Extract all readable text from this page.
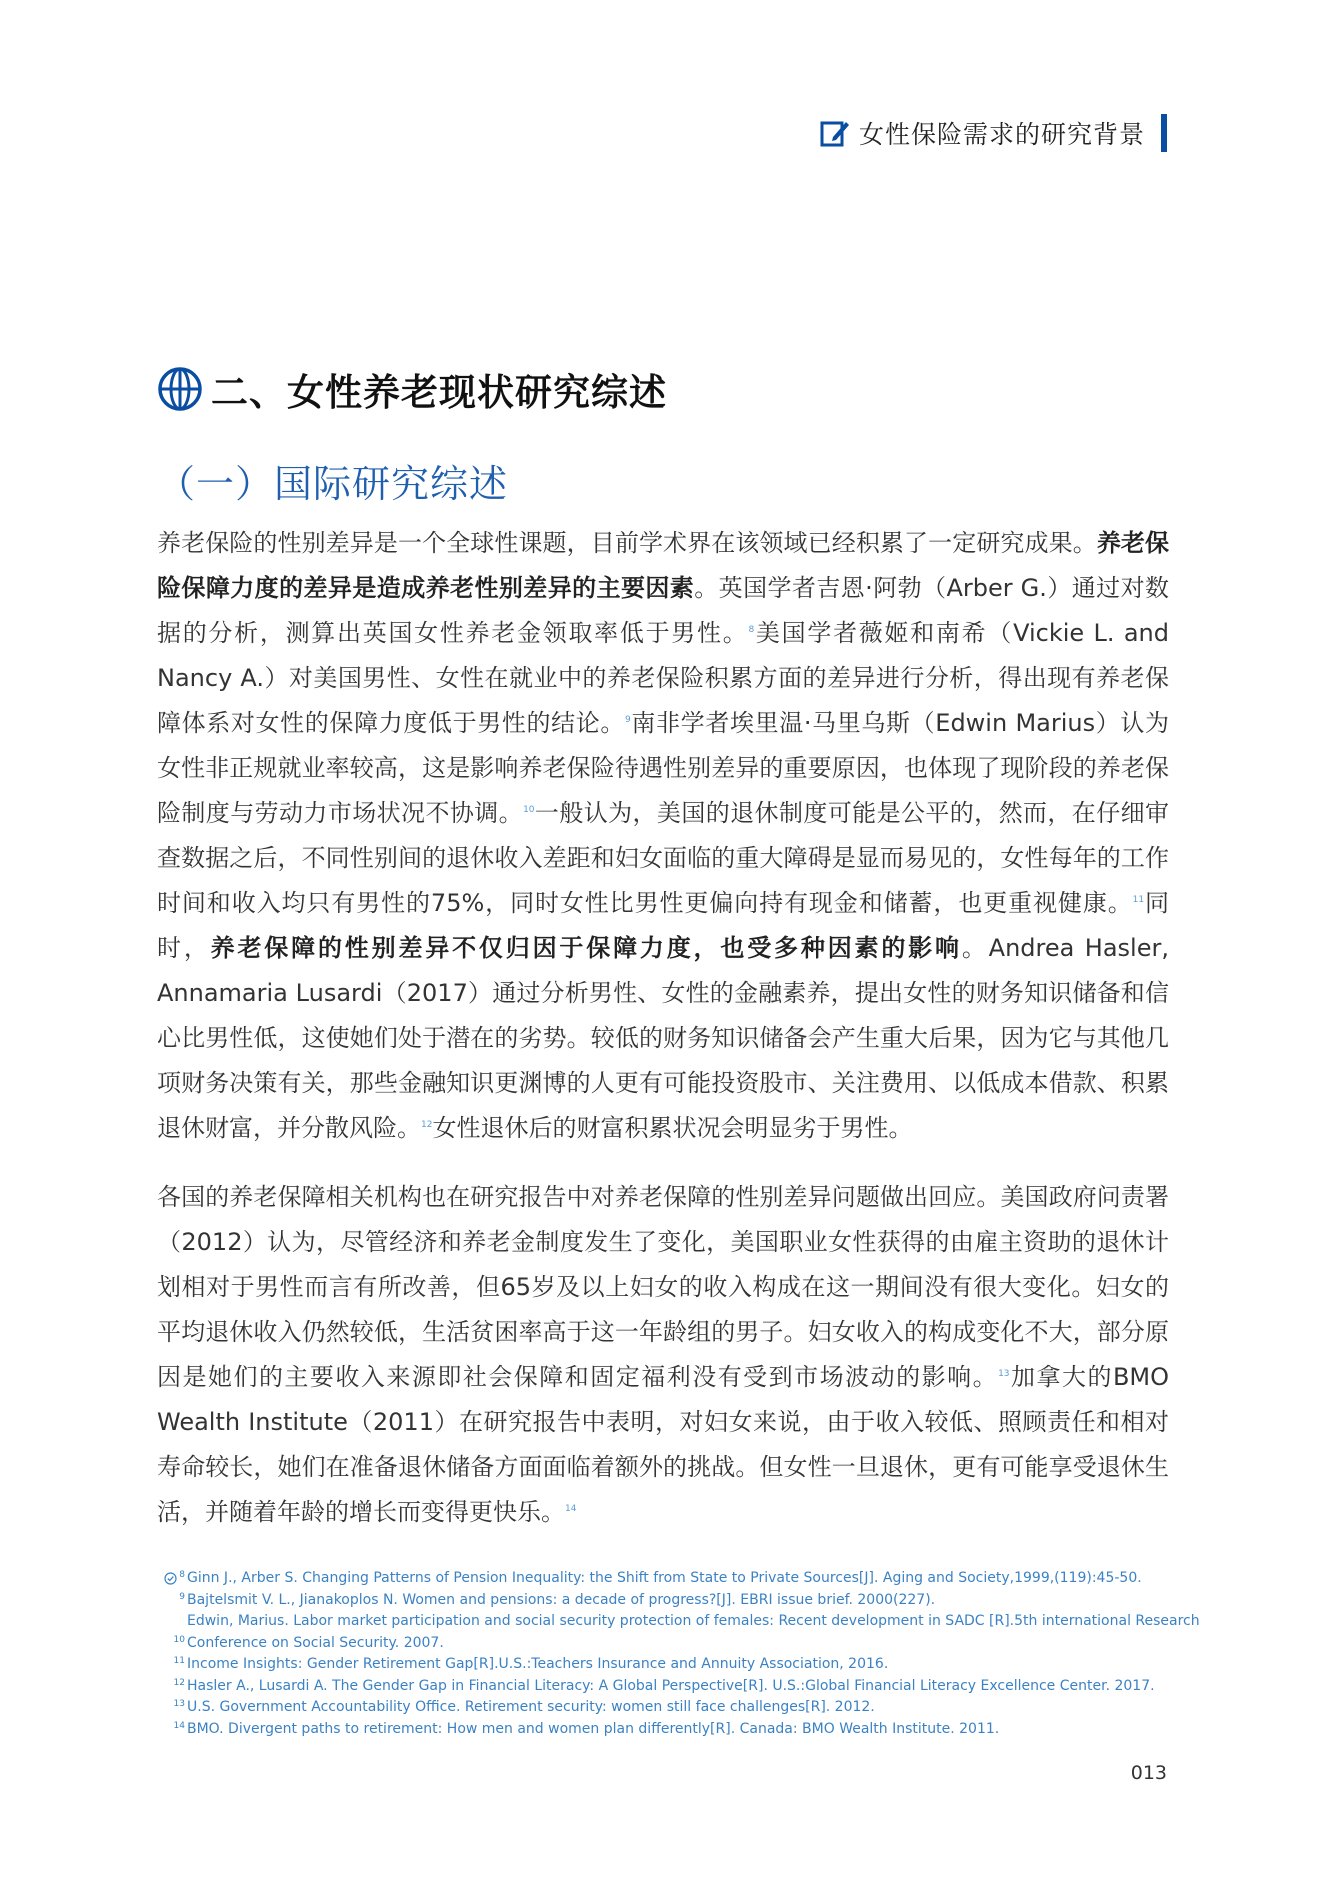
女性保险需求的研究背景
二、女性养老现状研究综述
（一）国际研究综述

养老保险的性别差异是一个全球性课题，目前学术界在该领域已经积累了一定研究成果。养老保险保障力度的差异是造成养老性别差异的主要因素。英国学者吉恩·阿勃（Arber G.）通过对数据的分析，测算出英国女性养老金领取率低于男性。$^8$美国学者薇姬和南希（Vickie L. and Nancy A.）对美国男性、女性在就业中的养老保险积累方面的差异进行分析，得出现有养老保障体系对女性的保障力度低于男性的结论。$^9$南非学者埃里温·马里乌斯（Edwin Marius）认为女性非正规就业率较高，这是影响养老保险待遇性别差异的重要原因，也体现了现阶段的养老保险制度与劳动力市场状况不协调。$^{10}$一般认为，美国的退休制度可能是公平的，然而，在仔细审查数据之后，不同性别间的退休收入差距和妇女面临的重大障碍是显而易见的，女性每年的工作时间和收入均只有男性的75%，同时女性比男性更偏向持有现金和储蓄，也更重视健康。$^{11}$同时，养老保障的性别差异不仅归因于保障力度，也受多种因素的影响。Andrea Hasler, Annamaria Lusardi（2017）通过分析男性、女性的金融素养，提出女性的财务知识储备和信心比男性低，这使她们处于潜在的劣势。较低的财务知识储备会产生重大后果，因为它与其他几项财务决策有关，那些金融知识更渊博的人更有可能投资股市、关注费用、以低成本借款、积累退休财富，并分散风险。$^{12}$女性退休后的财富积累状况会明显劣于男性。

各国的养老保障相关机构也在研究报告中对养老保障的性别差异问题做出回应。美国政府问责署（2012）认为，尽管经济和养老金制度发生了变化，美国职业女性获得的由雇主资助的退休计划相对于男性而言有所改善，但65岁及以上妇女的收入构成在这一期间没有很大变化。妇女的平均退休收入仍然较低，生活贫困率高于这一年龄组的男子。妇女收入的构成变化不大，部分原因是她们的主要收入来源即社会保障和固定福利没有受到市场波动的影响。$^{13}$加拿大的BMO Wealth Institute（2011）在研究报告中表明，对妇女来说，由于收入较低、照顾责任和相对寿命较长，她们在准备退休储备方面面临着额外的挑战。但女性一旦退休，更有可能享受退休生活，并随着年龄的增长而变得更快乐。$^{14}$

8 Ginn J., Arber S. Changing Patterns of Pension Inequality: the Shift from State to Private Sources[J]. Aging and Society,1999,(119):45-50.
9 Bajtelsmit V. L., Jianakoplos N. Women and pensions: a decade of progress?[J]. EBRI issue brief. 2000(227).
Edwin, Marius. Labor market participation and social security protection of females: Recent development in SADC [R].5th international Research
10 Conference on Social Security. 2007.
11 Income Insights: Gender Retirement Gap[R].U.S.:Teachers Insurance and Annuity Association, 2016.
12 Hasler A., Lusardi A. The Gender Gap in Financial Literacy: A Global Perspective[R]. U.S.:Global Financial Literacy Excellence Center. 2017.
13 U.S. Government Accountability Office. Retirement security: women still face challenges[R]. 2012.
14 BMO. Divergent paths to retirement: How men and women plan differently[R]. Canada: BMO Wealth Institute. 2011.
013
